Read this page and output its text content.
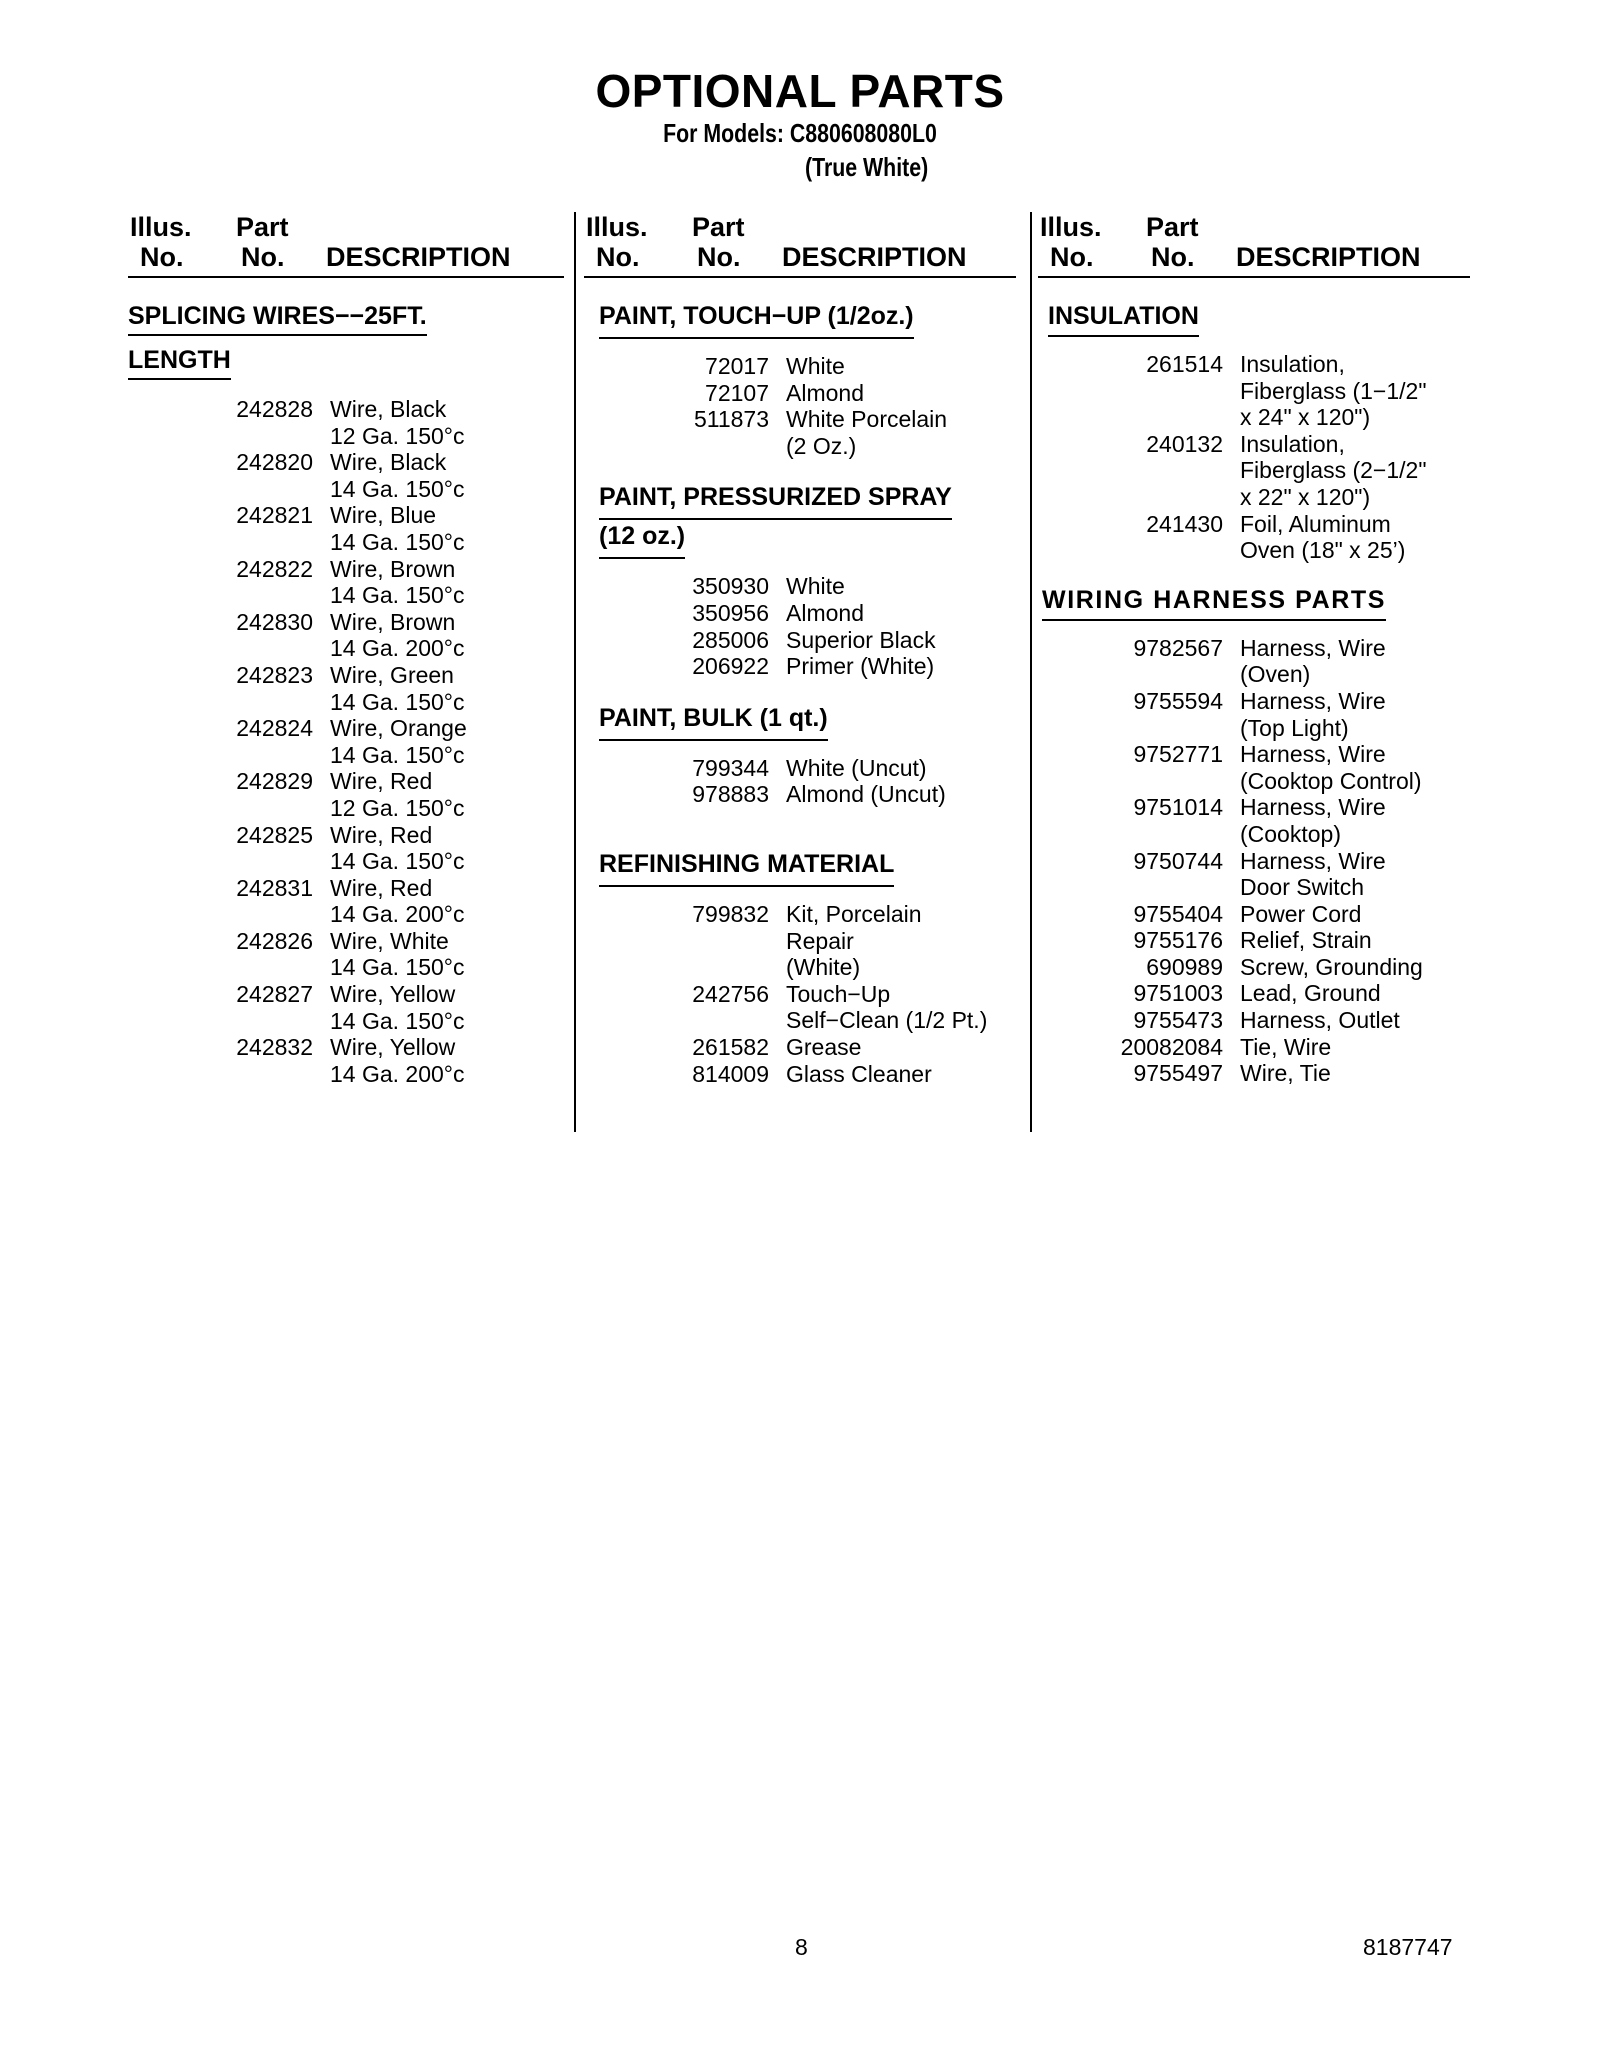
OPTIONAL PARTS
For Models: C880608080L0
(True White)
Illus.
No.
Part
No. DESCRIPTION
SPLICING WIRES−−25FT.
LENGTH
242828 Wire, Black
12 Ga. 150°c
242820 Wire, Black
14 Ga. 150°c
242821 Wire, Blue
14 Ga. 150°c
242822 Wire, Brown
14 Ga. 150°c
242830 Wire, Brown
14 Ga. 200°c
242823 Wire, Green
14 Ga. 150°c
242824 Wire, Orange
14 Ga. 150°c
242829 Wire, Red
12 Ga. 150°c
242825 Wire, Red
14 Ga. 150°c
242831 Wire, Red
14 Ga. 200°c
242826 Wire, White
14 Ga. 150°c
242827 Wire, Yellow
14 Ga. 150°c
242832 Wire, Yellow
14 Ga. 200°c
Illus.
No.
Part
No. DESCRIPTION
PAINT, TOUCH−UP (1/2oz.)
72017 White
72107 Almond
511873 White Porcelain
(2 Oz.)
PAINT, PRESSURIZED SPRAY
(12 oz.)
350930 White
350956 Almond
285006 Superior Black
206922 Primer (White)
PAINT, BULK (1 qt.)
799344 White (Uncut)
978883 Almond (Uncut)
REFINISHING MATERIAL
799832 Kit, Porcelain
Repair
(White)
242756 Touch−Up
Self−Clean (1/2 Pt.)
261582 Grease
814009 Glass Cleaner
Illus.
No.
Part
No. DESCRIPTION
INSULATION
261514 Insulation,
Fiberglass (1−1/2"
x 24" x 120")
240132 Insulation,
Fiberglass (2−1/2"
x 22" x 120")
241430 Foil, Aluminum
Oven (18" x 25’)
WIRING HARNESS PARTS
9782567 Harness, Wire
(Oven)
9755594 Harness, Wire
(Top Light)
9752771 Harness, Wire
(Cooktop Control)
9751014 Harness, Wire
(Cooktop)
9750744 Harness, Wire
Door Switch
9755404 Power Cord
9755176 Relief, Strain
690989 Screw, Grounding
9751003 Lead, Ground
9755473 Harness, Outlet
20082084 Tie, Wire
9755497 Wire, Tie
8	8187747
